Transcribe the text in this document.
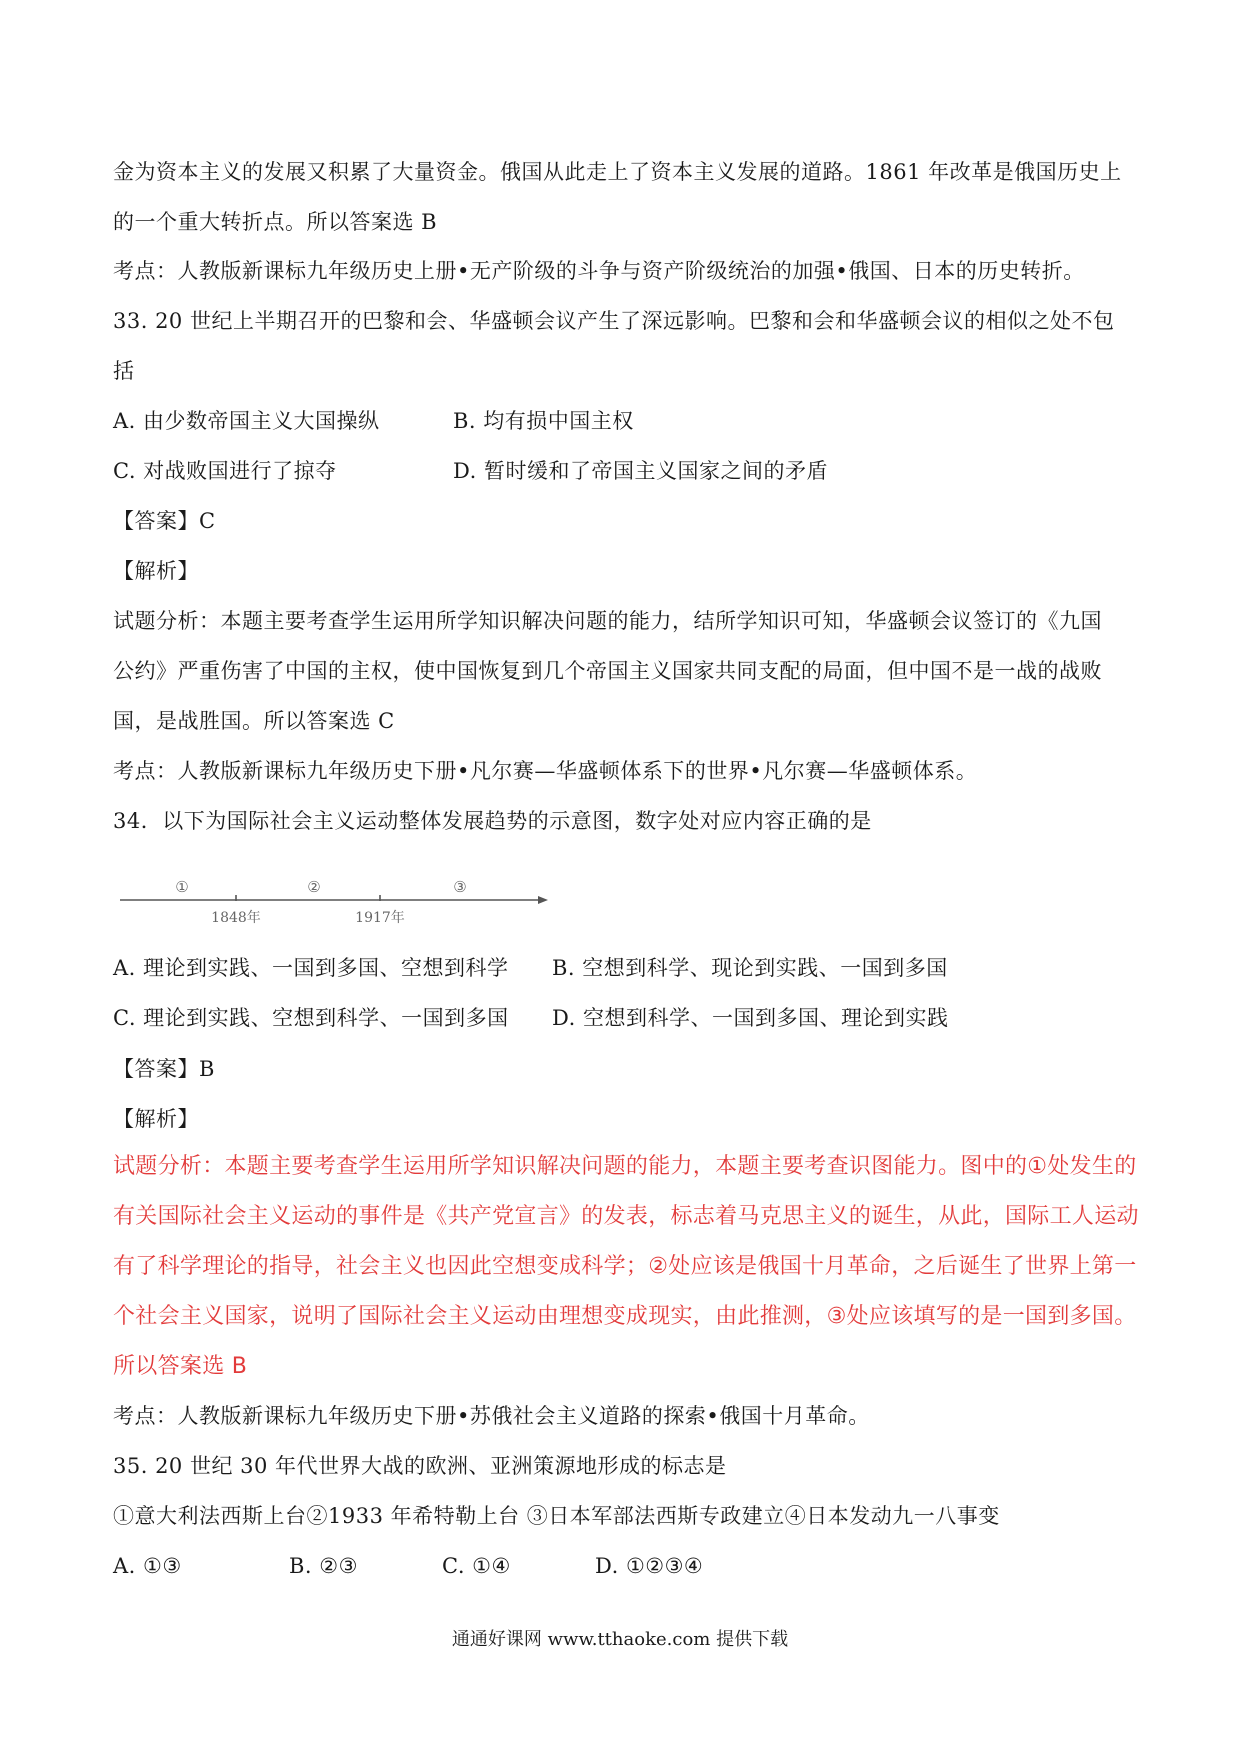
金为资本主义的发展又积累了大量资金。俄国从此走上了资本主义发展的道路。1861 年改革是俄国历史上
的一个重大转折点。所以答案选 B
考点：人教版新课标九年级历史上册•无产阶级的斗争与资产阶级统治的加强•俄国、日本的历史转折。
33. 20 世纪上半期召开的巴黎和会、华盛顿会议产生了深远影响。巴黎和会和华盛顿会议的相似之处不包
括
A. 由少数帝国主义大国操纵	B. 均有损中国主权
C. 对战败国进行了掠夺	D. 暂时缓和了帝国主义国家之间的矛盾
【答案】C
【解析】
试题分析：本题主要考查学生运用所学知识解决问题的能力，结所学知识可知，华盛顿会议签订的《九国
公约》严重伤害了中国的主权，使中国恢复到几个帝国主义国家共同支配的局面，但中国不是一战的战败
国，是战胜国。所以答案选 C
考点：人教版新课标九年级历史下册•凡尔赛—华盛顿体系下的世界•凡尔赛—华盛顿体系。
34．以下为国际社会主义运动整体发展趋势的示意图，数字处对应内容正确的是
①	②	③
1848年	1917年
A. 理论到实践、一国到多国、空想到科学 B. 空想到科学、现论到实践、一国到多国
C. 理论到实践、空想到科学、一国到多国 D. 空想到科学、一国到多国、理论到实践
【答案】B
【解析】
试题分析：本题主要考查学生运用所学知识解决问题的能力，本题主要考查识图能力。图中的①处发生的
有关国际社会主义运动的事件是《共产党宣言》的发表，标志着马克思主义的诞生，从此，国际工人运动
有了科学理论的指导，社会主义也因此空想变成科学；②处应该是俄国十月革命，之后诞生了世界上第一
个社会主义国家，说明了国际社会主义运动由理想变成现实，由此推测，③处应该填写的是一国到多国。
所以答案选 B
考点：人教版新课标九年级历史下册•苏俄社会主义道路的探索•俄国十月革命。
35. 20 世纪 30 年代世界大战的欧洲、亚洲策源地形成的标志是
①意大利法西斯上台②1933 年希特勒上台 ③日本军部法西斯专政建立④日本发动九一八事变
A. ①③	B. ②③	C. ①④	D. ①②③④
通通好课网 www.tthaoke.com 提供下载
